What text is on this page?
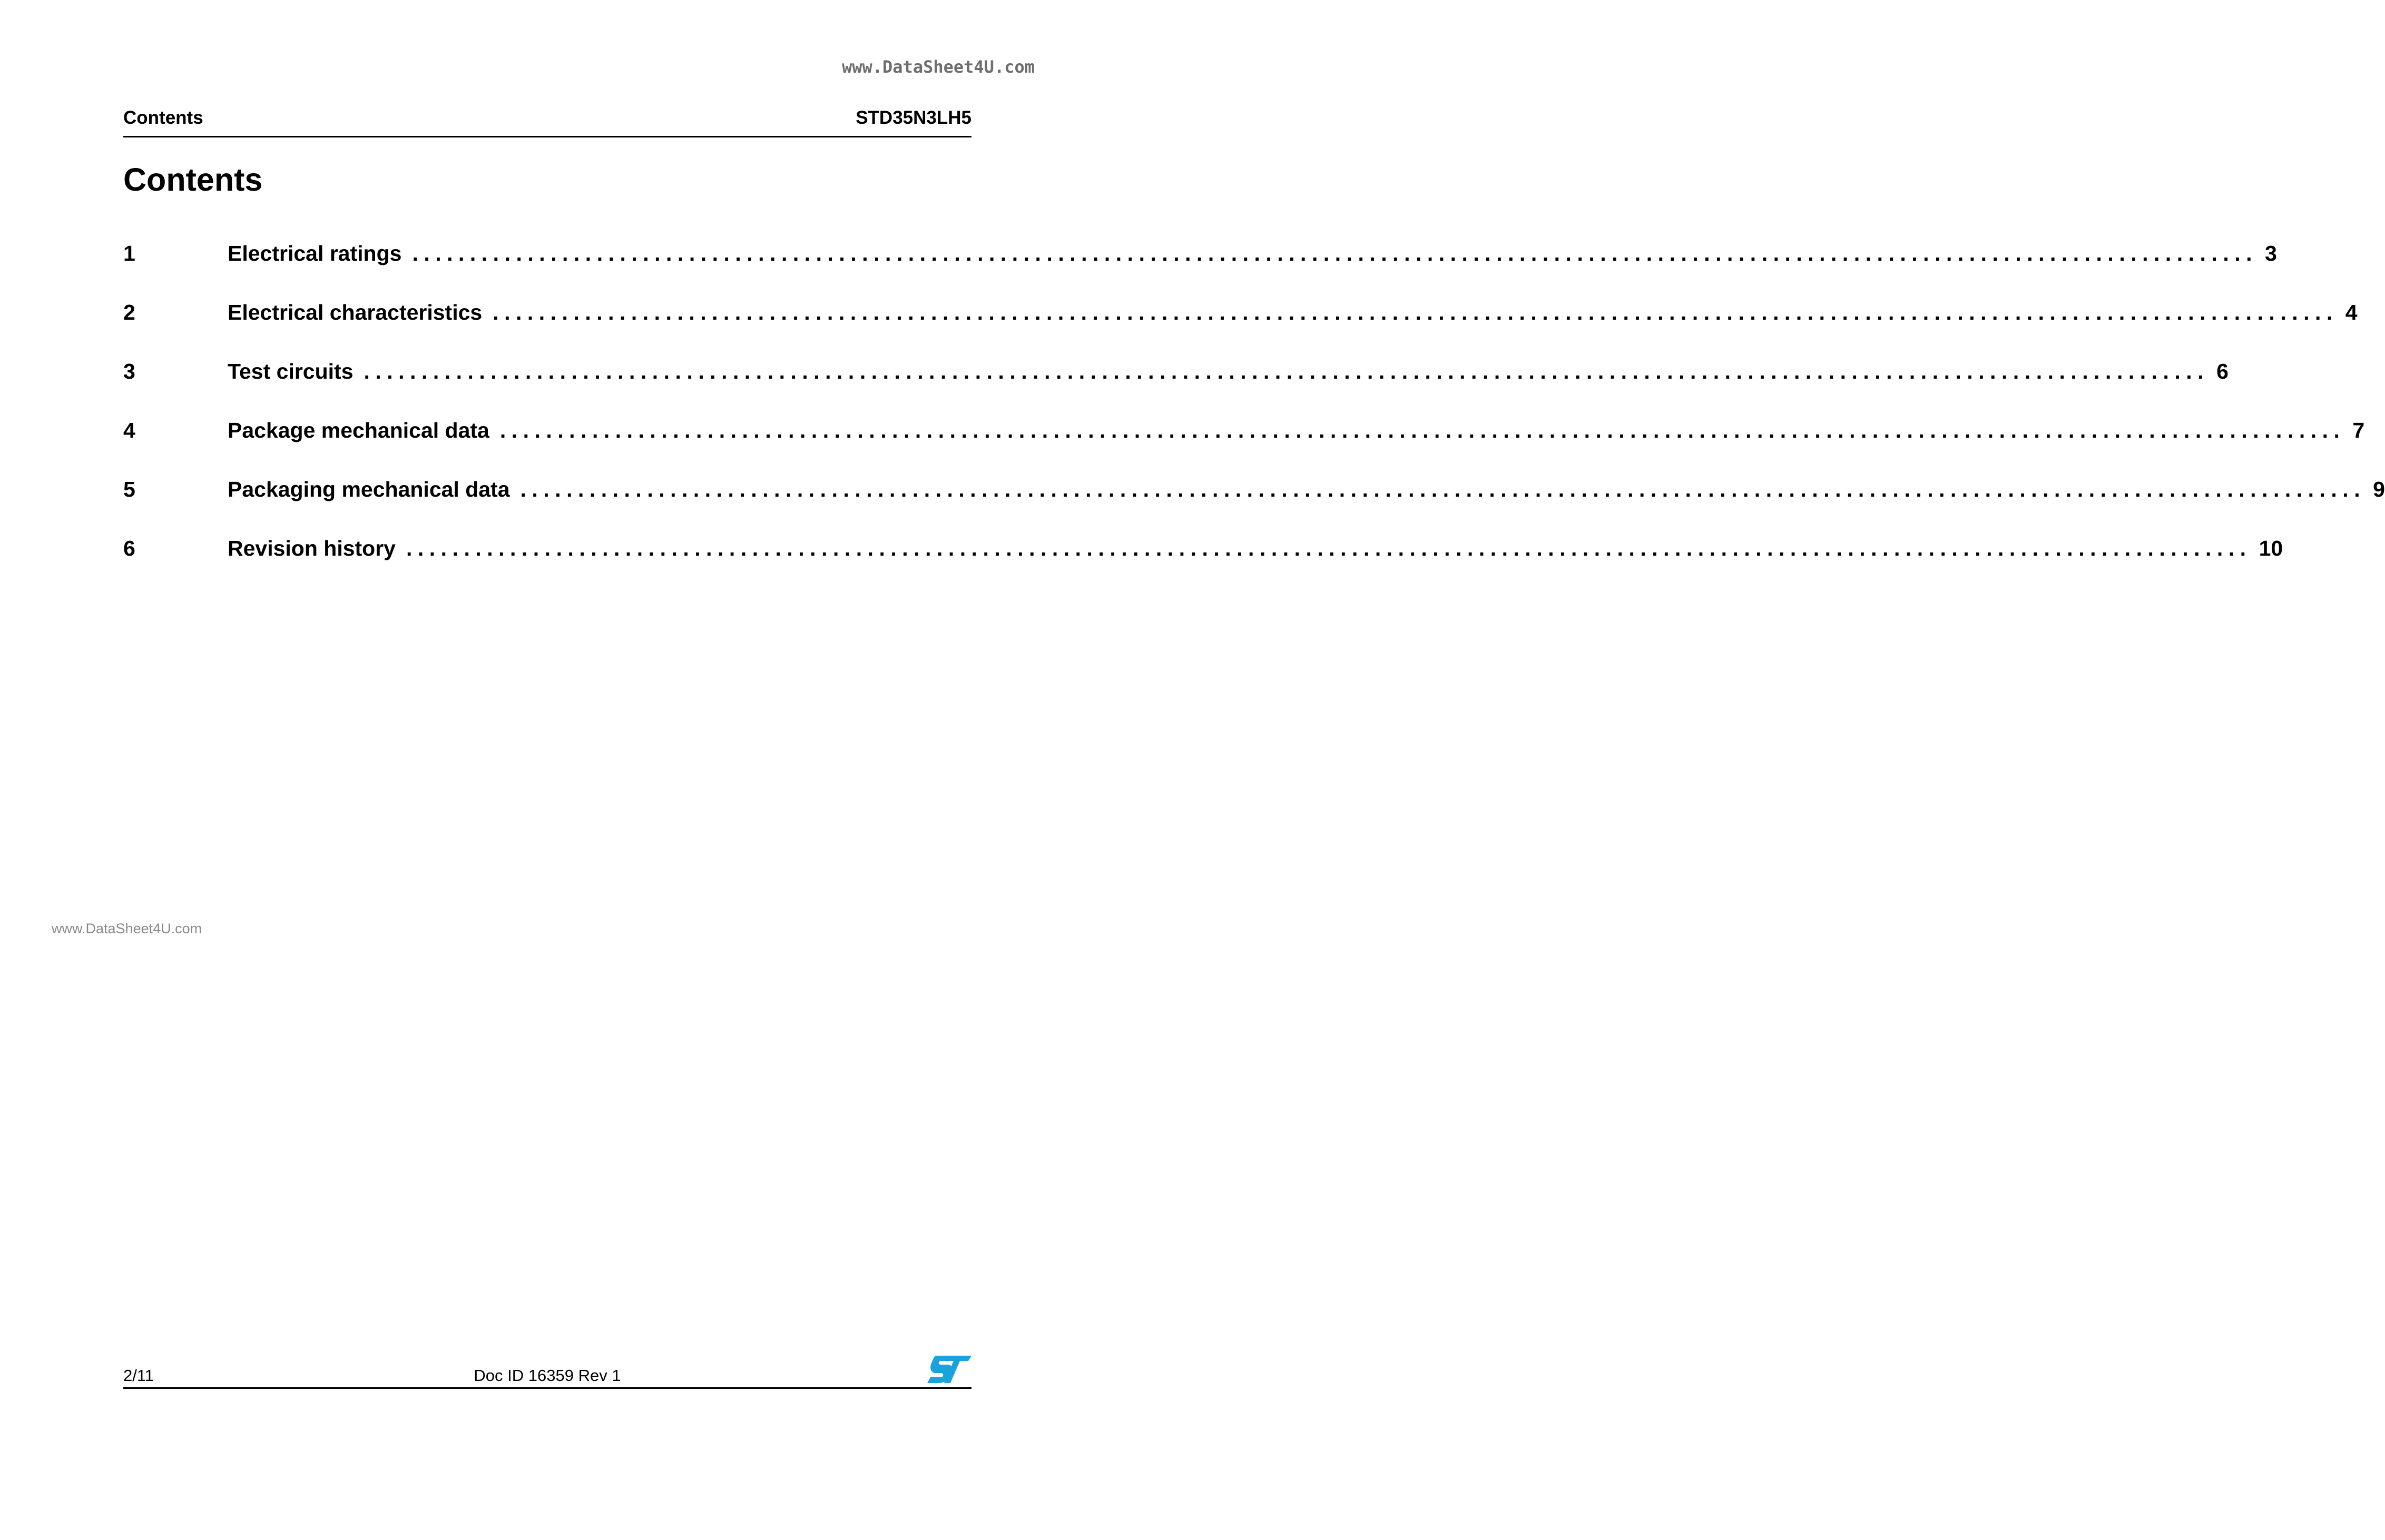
www.DataSheet4U.com
Contents	STD35N3LH5
Contents
1	Electrical ratings ................................................................................................................................................................ 3
2	Electrical characteristics ................................................................................................................................................................ 4
3	Test circuits ................................................................................................................................................................ 6
4	Package mechanical data ................................................................................................................................................................ 7
5	Packaging mechanical data ................................................................................................................................................................ 9
6	Revision history ................................................................................................................................................................ 10
www.DataSheet4U.com
2/11	Doc ID 16359 Rev 1
